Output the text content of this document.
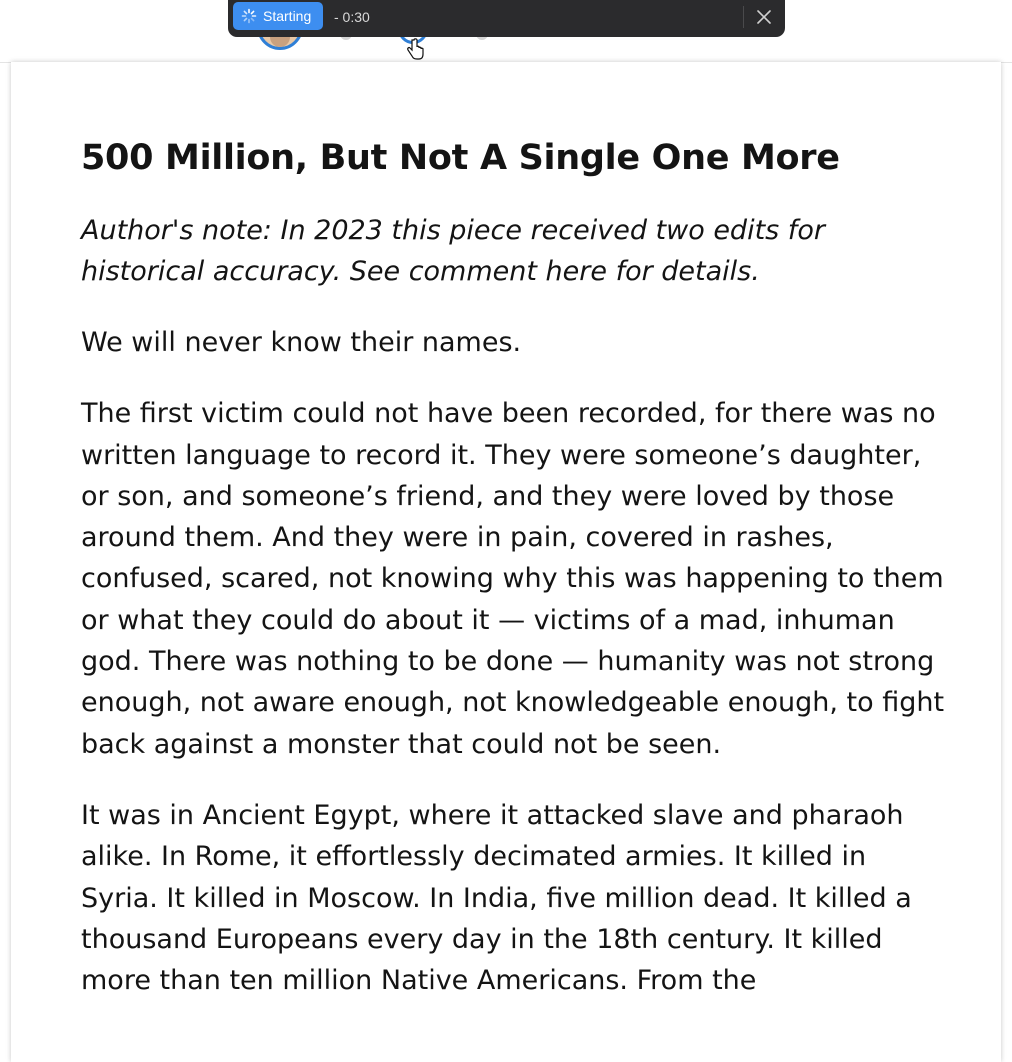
500 Million, But Not A Single One More

Author's note: In 2023 this piece received two edits for historical accuracy. See comment here for details.

We will never know their names.

The first victim could not have been recorded, for there was no written language to record it. They were someone’s daughter, or son, and someone’s friend, and they were loved by those around them. And they were in pain, covered in rashes, confused, scared, not knowing why this was happening to them or what they could do about it — victims of a mad, inhuman god. There was nothing to be done — humanity was not strong enough, not aware enough, not knowledgeable enough, to fight back against a monster that could not be seen.

It was in Ancient Egypt, where it attacked slave and pharaoh alike. In Rome, it effortlessly decimated armies. It killed in Syria. It killed in Moscow. In India, five million dead. It killed a thousand Europeans every day in the 18th century. It killed more than ten million Native Americans. From the

Starting - 0:30
